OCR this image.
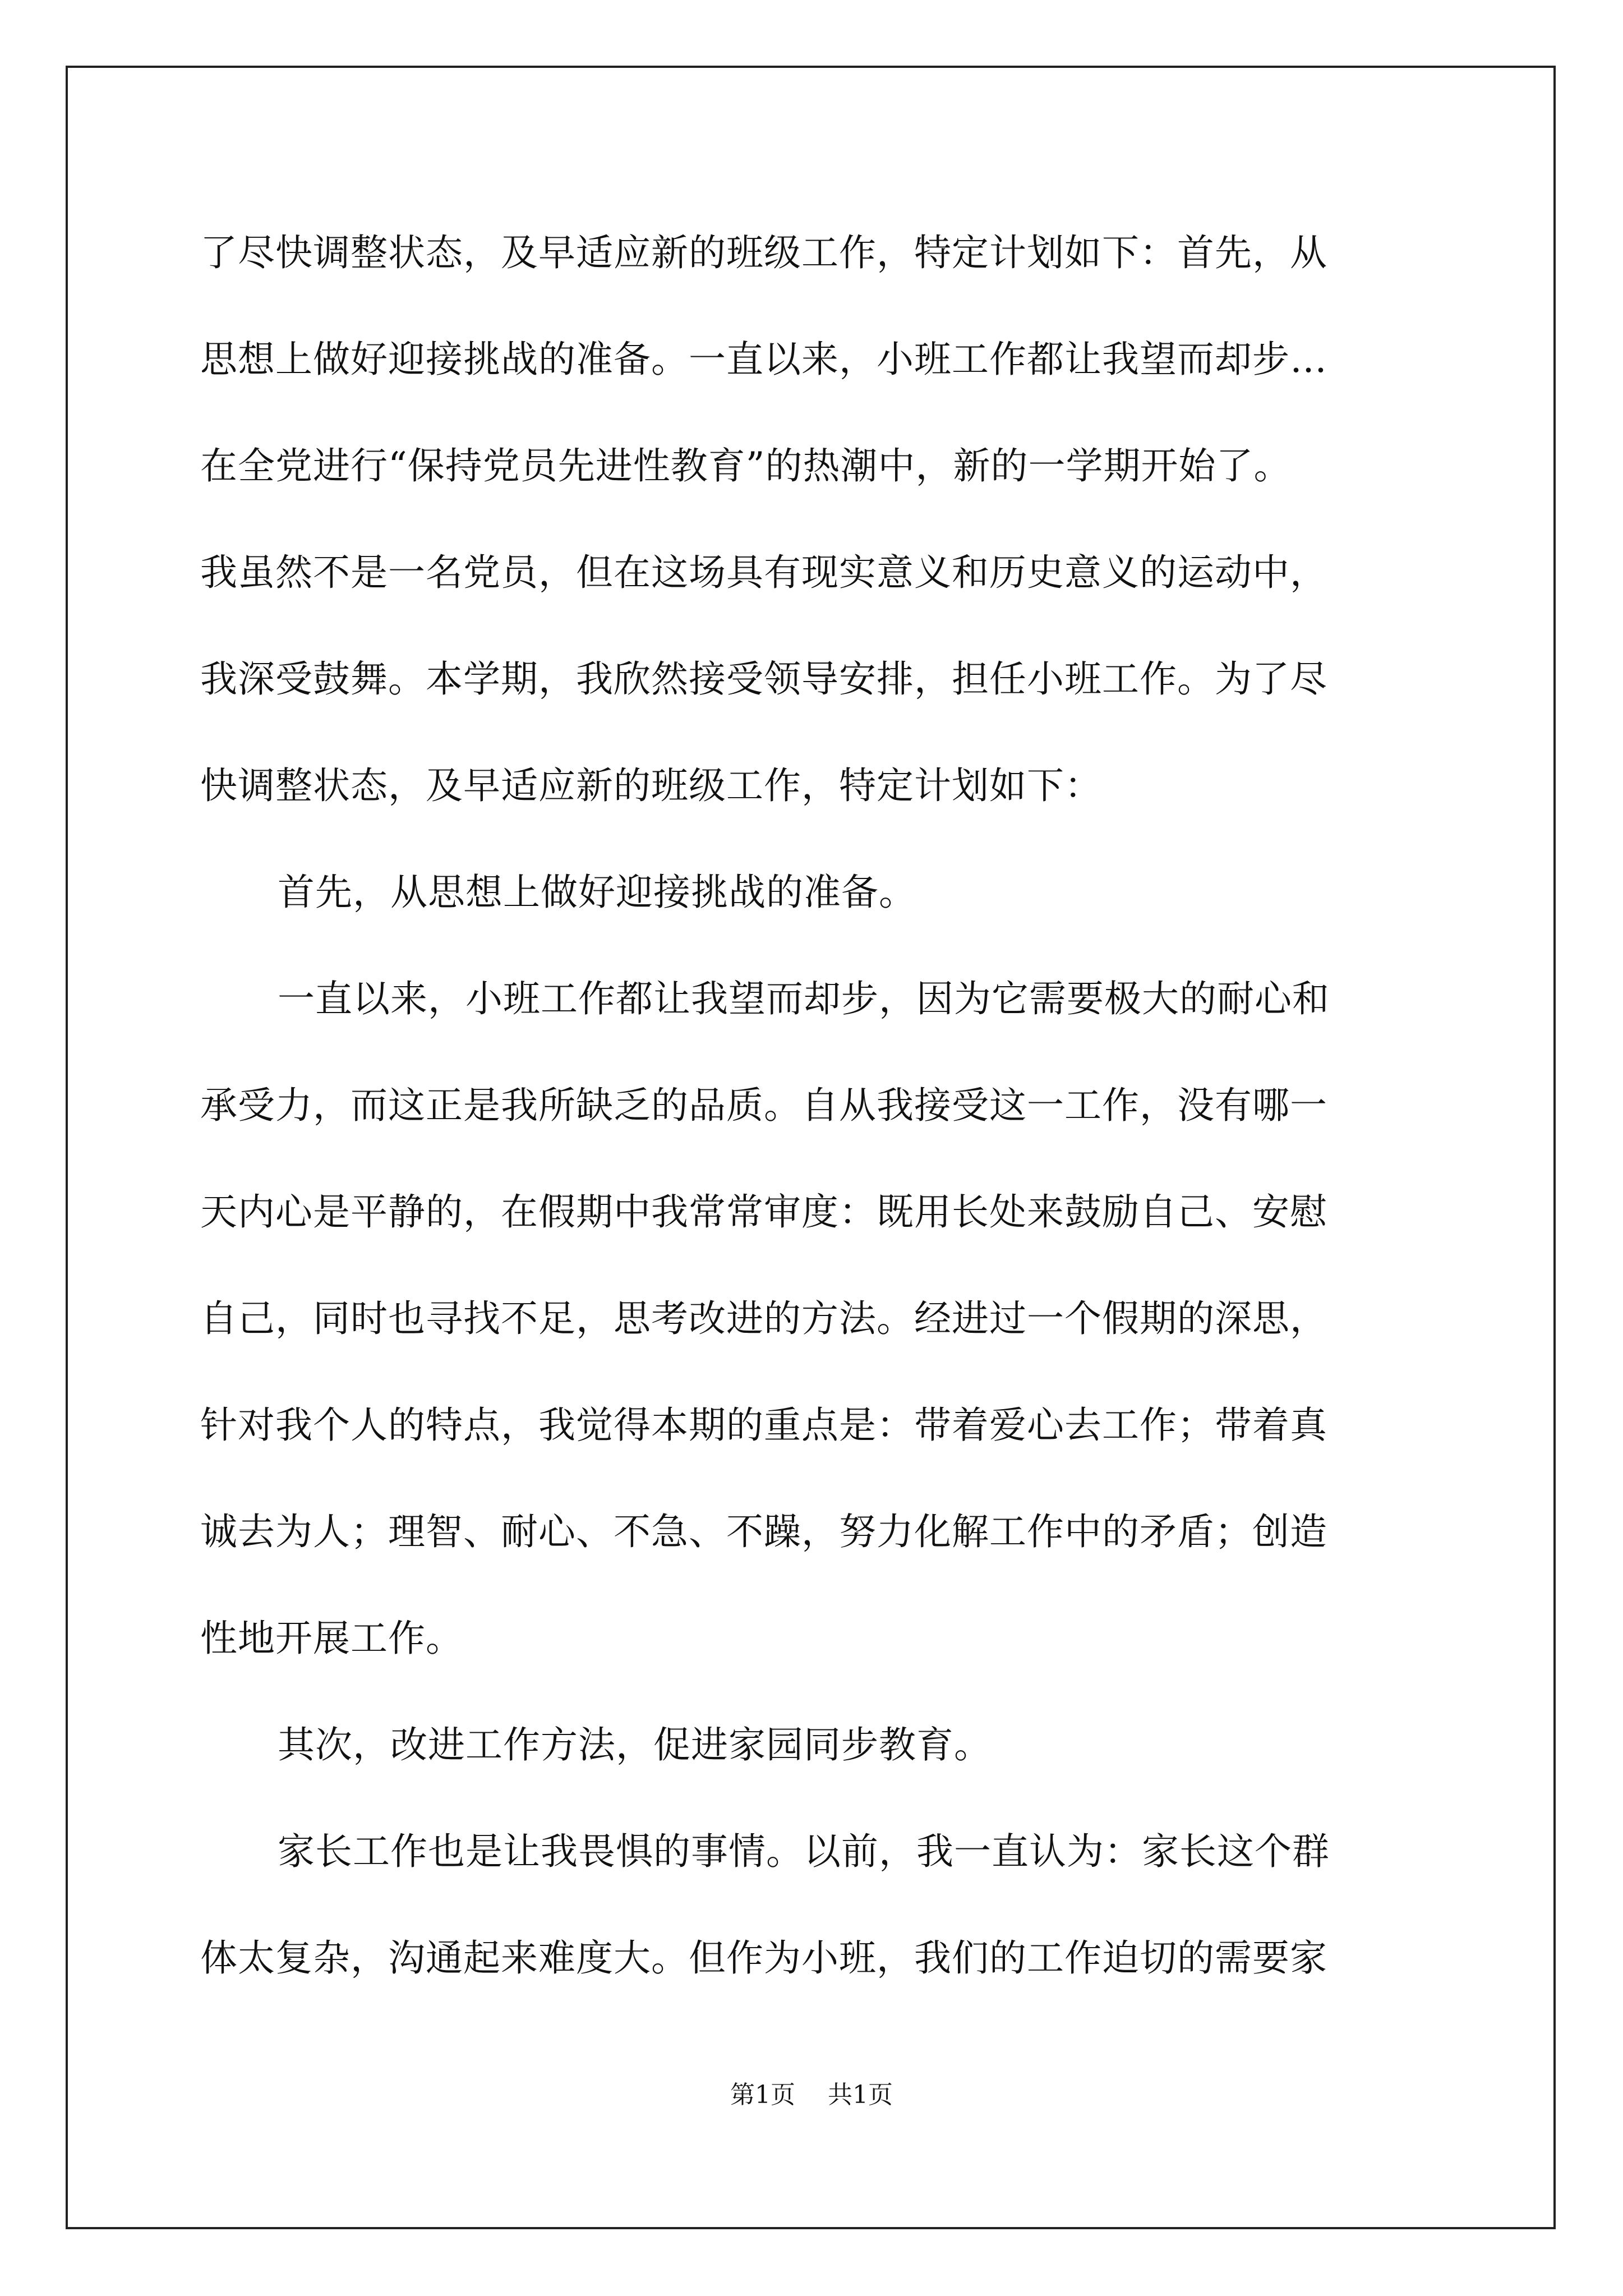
了尽快调整状态，及早适应新的班级工作，特定计划如下：首先，从
思想上做好迎接挑战的准备。一直以来，小班工作都让我望而却步…
在全党进行“保持党员先进性教育”的热潮中，新的一学期开始了。
我虽然不是一名党员，但在这场具有现实意义和历史意义的运动中，
我深受鼓舞。本学期，我欣然接受领导安排，担任小班工作。为了尽
快调整状态，及早适应新的班级工作，特定计划如下：
首先，从思想上做好迎接挑战的准备。
一直以来，小班工作都让我望而却步，因为它需要极大的耐心和
承受力，而这正是我所缺乏的品质。自从我接受这一工作，没有哪一
天内心是平静的，在假期中我常常审度：既用长处来鼓励自己、安慰
自己，同时也寻找不足，思考改进的方法。经进过一个假期的深思，
针对我个人的特点，我觉得本期的重点是：带着爱心去工作；带着真
诚去为人；理智、耐心、不急、不躁，努力化解工作中的矛盾；创造
性地开展工作。
其次，改进工作方法，促进家园同步教育。
家长工作也是让我畏惧的事情。以前，我一直认为：家长这个群
体太复杂，沟通起来难度大。但作为小班，我们的工作迫切的需要家
第1页 共1页
